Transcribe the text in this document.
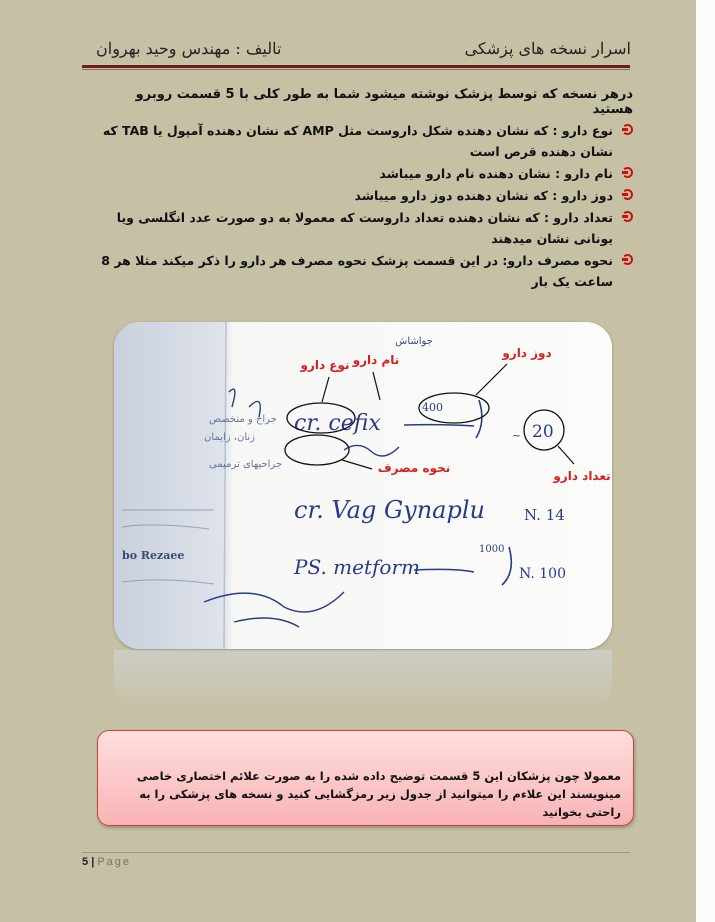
اسرار نسخه های پزشکی
تالیف : مهندس وحید بهروان
درهر نسخه که توسط پزشک نوشته میشود شما به طور کلی با 5 قسمت روبرو هستید
نوع دارو : که نشان دهنده شکل داروست مثل AMP که نشان دهنده آمپول یا TAB که نشان دهنده قرص است
نام دارو : نشان دهنده نام دارو میباشد
دوز دارو : که نشان دهنده دوز دارو میباشد
تعداد دارو : که نشان دهنده تعداد داروست که معمولا به دو صورت عدد انگلسی ویا یونانی نشان میدهند
نحوه مصرف دارو: در این قسمت پزشک نحوه مصرف هر دارو را ذکر میکند مثلا هر 8 ساعت یک بار
جراح و متخصص
زنان، زایمان
جراحیهای ترمیمی
bo Rezaee
جواشاش
cr. cefix
400
20
~
cr. Vag Gynaplu	N. 14
PS. metform
1000
N. 100
نوع دارو نام دارو	دوز دارو
تعداد دارو
نحوه مصرف
معمولا چون پزشکان این 5 قسمت توضیح داده شده را به صورت علائم اختصاری خاصی مینویسند این علاءم را میتوانید از جدول زیر رمزگشایی کنید و نسخه های پزشکی را به راحتی بخوانید
5 | Page
